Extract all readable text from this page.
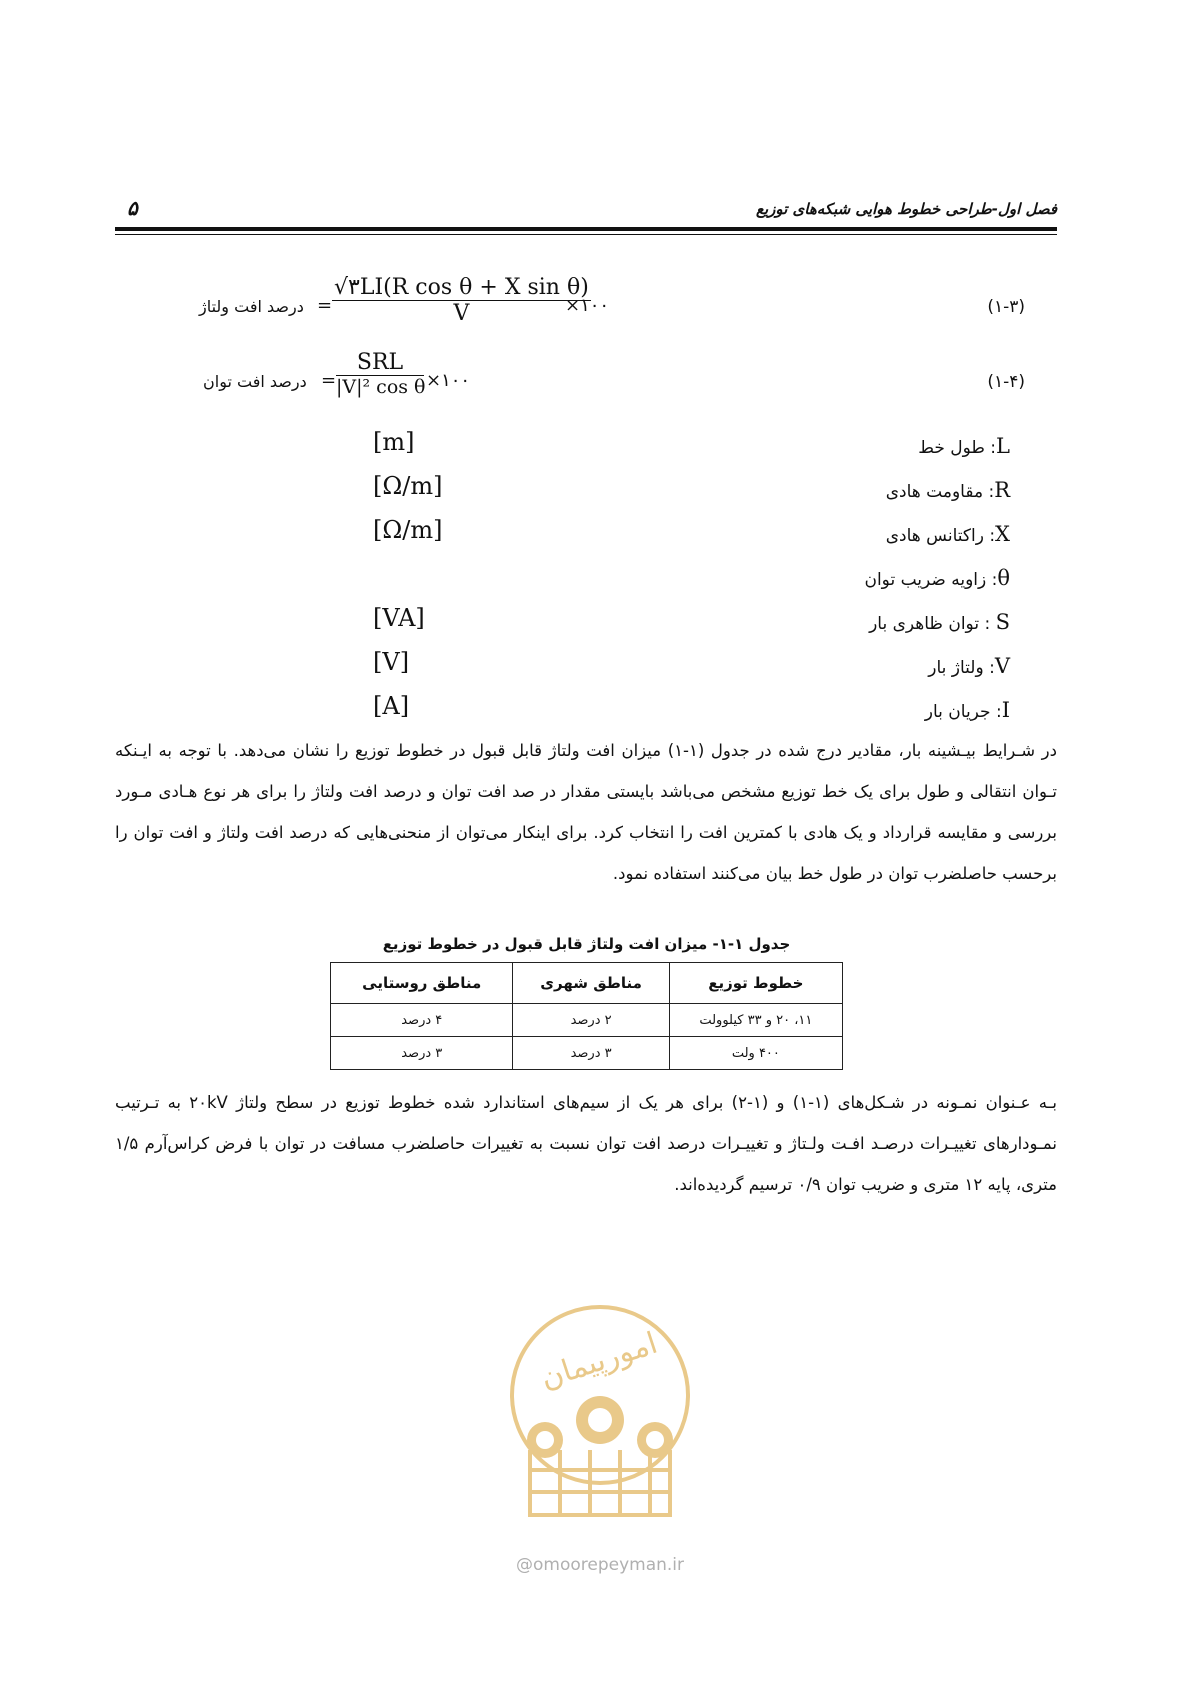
۵	فصل اول-طراحی خطوط هوایی شبکه‌های توزیع
(۱-۳)
درصد افت ولتاژ =
√٣LI(R cos θ + X sin θ)
V	×۱۰۰
(۱-۴)
درصد افت توان =
SRL
|V|² cos θ ×۱۰۰
[m]	L: طول خط
[Ω/m]	R: مقاومت هادی
[Ω/m]	X: راکتانس هادی
θ: زاویه ضریب توان
[VA]	S : توان ظاهری بار
[V]	V: ولتاژ بار
[A]	I: جریان بار

در شـرایط بیـشینه بار، مقادیر درج شده در جدول (۱-۱) میزان افت ولتاژ قابل قبول در خطوط توزیع را نشان می‌دهد. با توجه به ایـنکه تـوان انتقالی و طول برای یک خط توزیع مشخص می‌باشد بایستی مقدار در صد افت توان و درصد افت ولتاژ را برای هر نوع هـادی مـورد بررسی و مقایسه قرارداد و یک هادی با کمترین افت را انتخاب کرد. برای اینکار می‌توان از منحنی‌هایی که درصد افت ولتاژ و افت توان را برحسب حاصلضرب توان در طول خط بیان می‌کنند استفاده نمود.

جدول ۱-۱- میزان افت ولتاژ قابل قبول در خطوط توزیع
خطوط توزیع	مناطق شهری	مناطق روستایی
۱۱، ۲۰ و ۳۳ کیلوولت	۲ درصد	۴ درصد
۴۰۰ ولت	۳ درصد	۳ درصد

بـه عـنوان نمـونه در شـکل‌های (۱-۱) و (۱-۲) برای هر یک از سیم‌های استاندارد شده خطوط توزیع در سطح ولتاژ ۲۰kV به تـرتیب نمـودارهای تغییـرات درصـد افـت ولـتاژ و تغییـرات درصد افت توان نسبت به تغییرات حاصلضرب مسافت در توان با فرض کراس‌آرم ۱/۵ متری، پایه ۱۲ متری و ضریب توان ۰/۹ ترسیم گردیده‌اند.

امورپیمان
@omoorepeyman.ir
